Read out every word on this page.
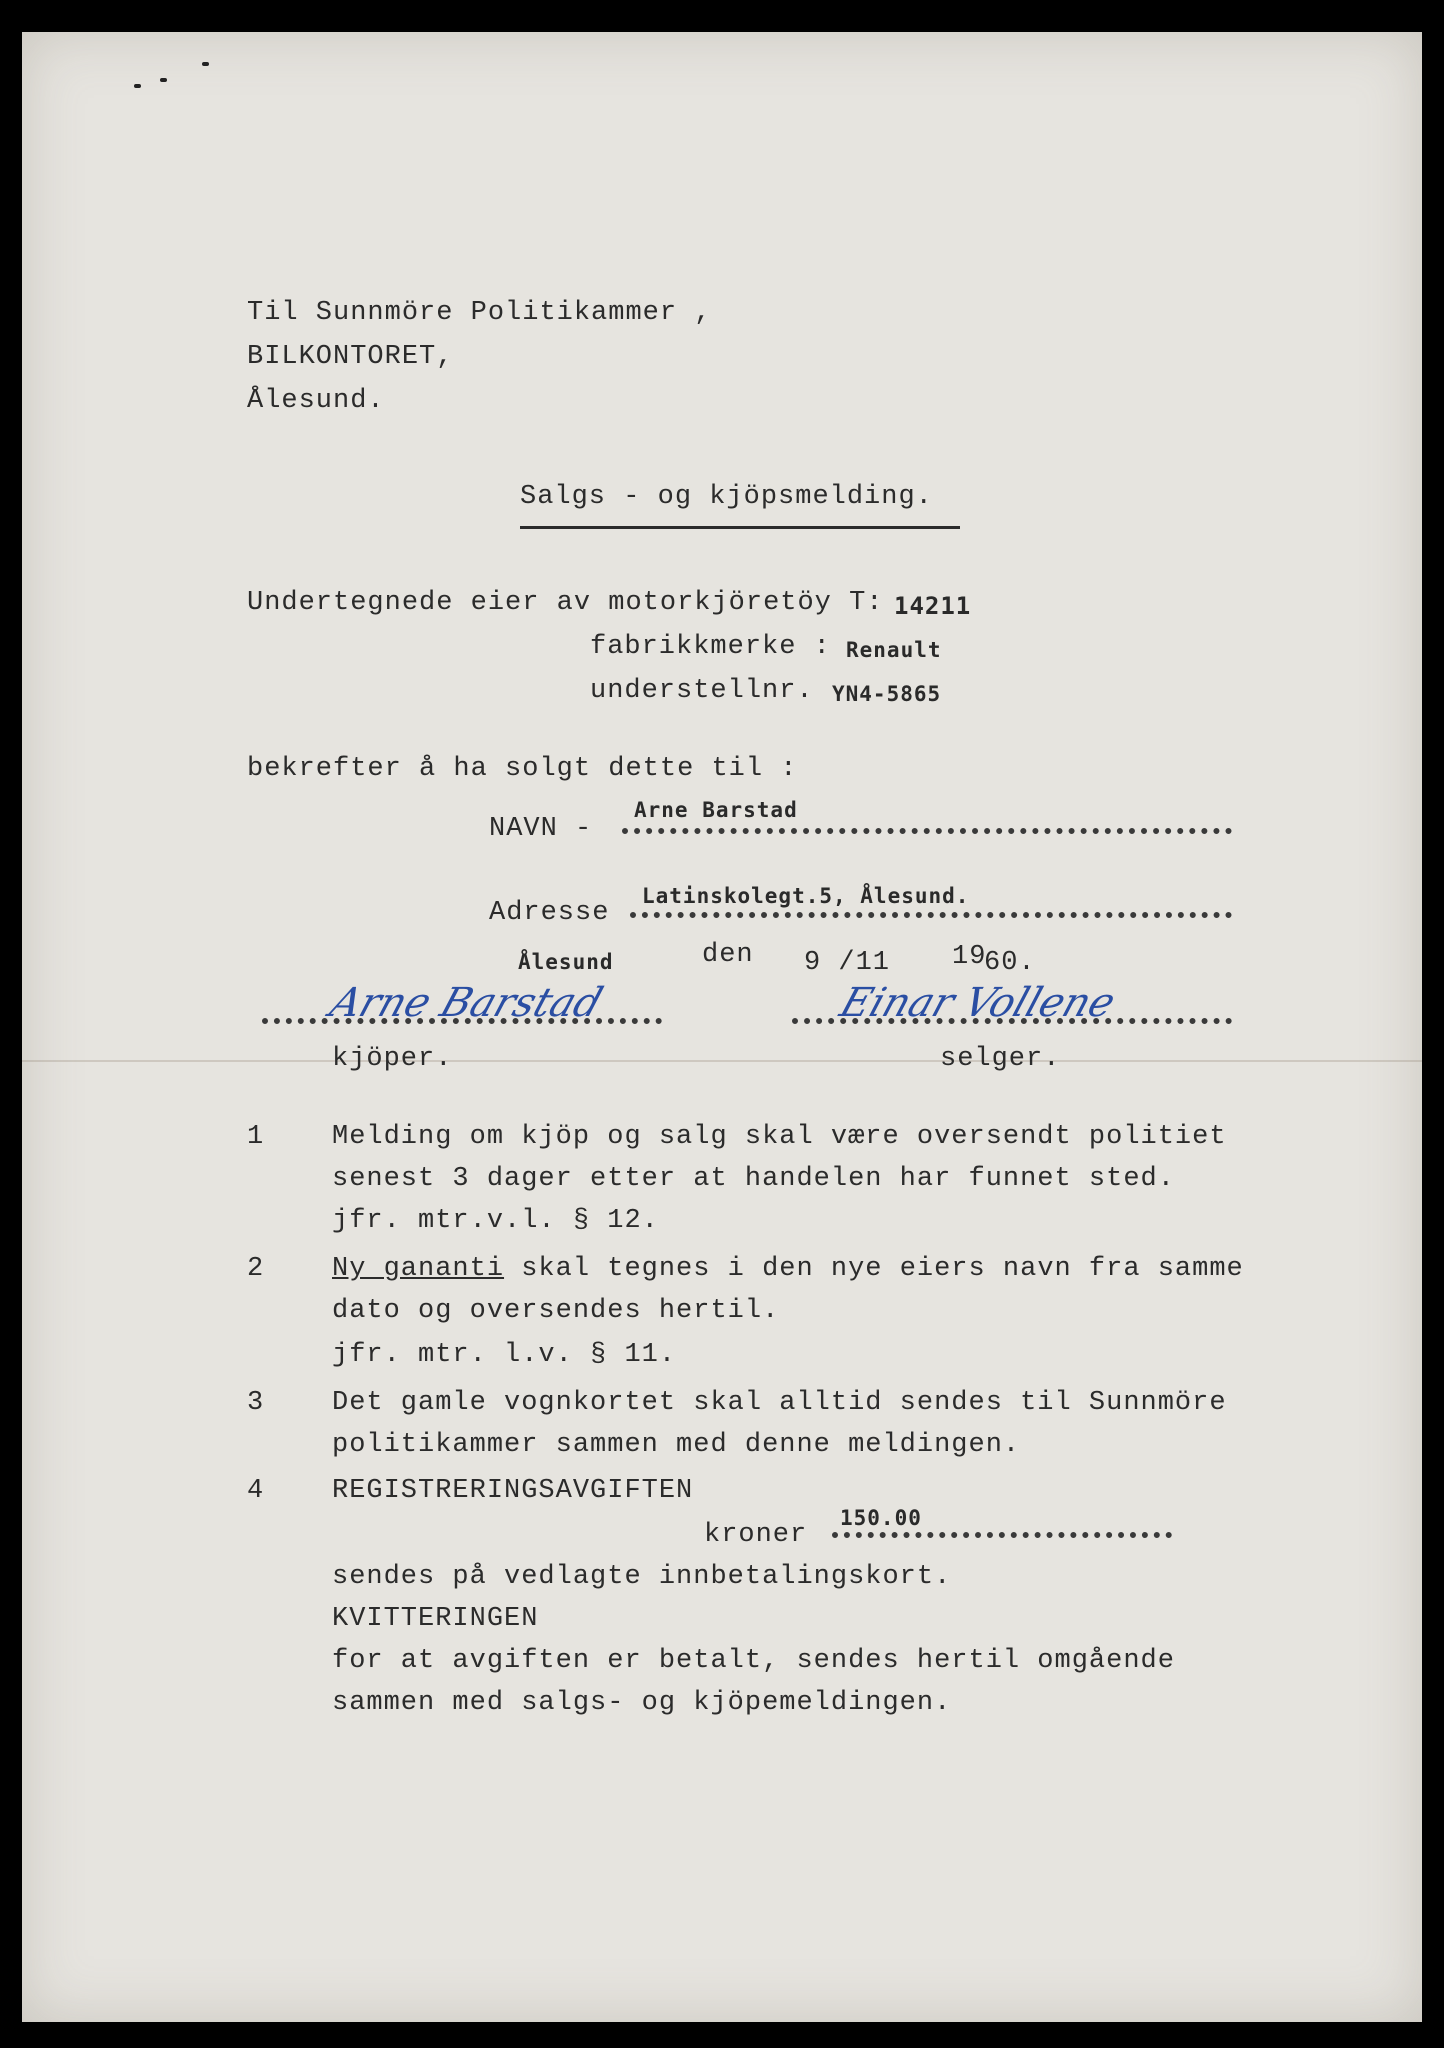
Til Sunnmöre Politikammer ,
BILKONTORET,
Ålesund.
Salgs - og kjöpsmelding.
Undertegnede eier av motorkjöretöy T: 14211
fabrikkmerke : Renault
understellnr. YN4-5865
bekrefter å ha solgt dette til :
NAVN -
Arne Barstad
Adresse
Latinskolegt.5, Ålesund.
Ålesund	den 9 /11 19
60.
Arne Barstad	Einar Vollene
kjöper.	selger.
1	Melding om kjöp og salg skal være oversendt politiet
senest 3 dager etter at handelen har funnet sted.
jfr. mtr.v.l. § 12.
2	Ny gananti skal tegnes i den nye eiers navn fra samme
dato og oversendes hertil.
jfr. mtr. l.v. § 11.
3	Det gamle vognkortet skal alltid sendes til Sunnmöre
politikammer sammen med denne meldingen.
4	REGISTRERINGSAVGIFTEN
kroner
150.00
sendes på vedlagte innbetalingskort.
KVITTERINGEN
for at avgiften er betalt, sendes hertil omgående
sammen med salgs- og kjöpemeldingen.
